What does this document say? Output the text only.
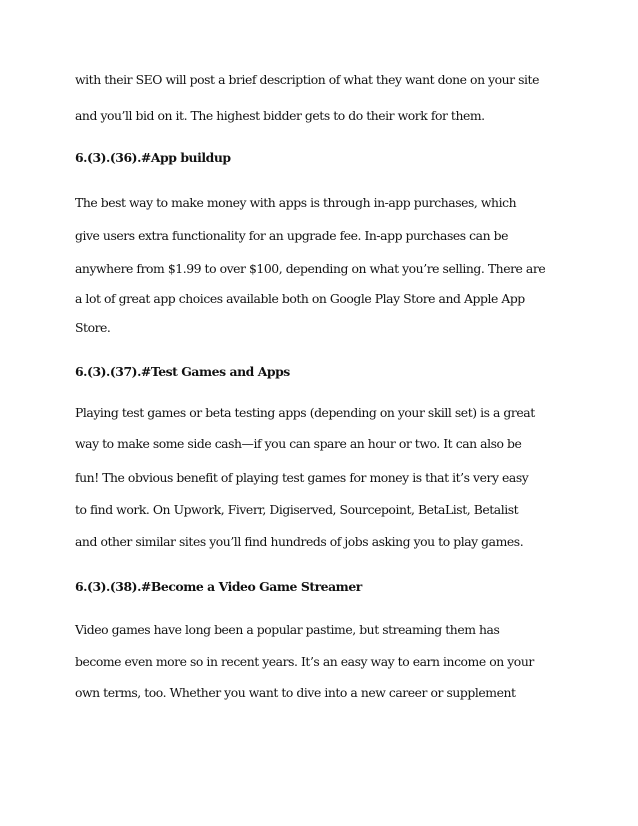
with their SEO will post a brief description of what they want done on your site
and you’ll bid on it. The highest bidder gets to do their work for them.
6.(3).(36).#App buildup
The best way to make money with apps is through in-app purchases, which
give users extra functionality for an upgrade fee. In-app purchases can be
anywhere from $1.99 to over $100, depending on what you’re selling. There are
a lot of great app choices available both on Google Play Store and Apple App
Store.
6.(3).(37).#Test Games and Apps
Playing test games or beta testing apps (depending on your skill set) is a great
way to make some side cash—if you can spare an hour or two. It can also be
fun! The obvious benefit of playing test games for money is that it’s very easy
to find work. On Upwork, Fiverr, Digiserved, Sourcepoint, BetaList, Betalist
and other similar sites you’ll find hundreds of jobs asking you to play games.
6.(3).(38).#Become a Video Game Streamer
Video games have long been a popular pastime, but streaming them has
become even more so in recent years. It’s an easy way to earn income on your
own terms, too. Whether you want to dive into a new career or supplement
